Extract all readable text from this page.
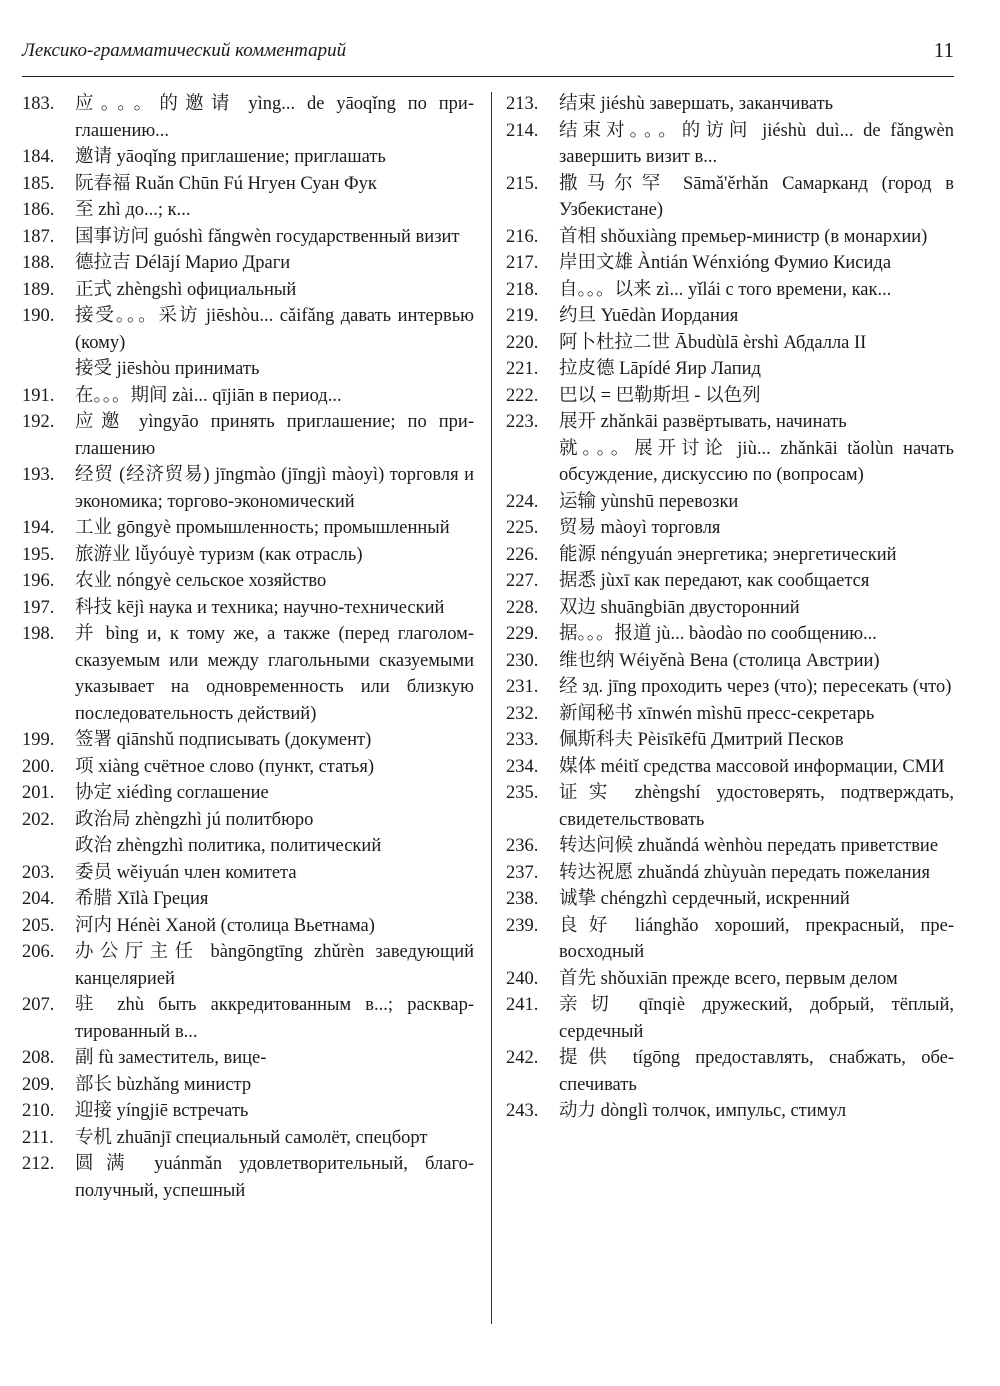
Лексико-грамматический комментарий	11
183. 应。。。的邀请 yìng... de yāoqǐng по приглашению...
184. 邀请 yāoqǐng приглашение; приглашать
185. 阮春福 Ruǎn Chūn Fú Нгуен Суан Фук
186. 至 zhì до...; к...
187. 国事访问 guóshì fǎngwèn государственный визит
188. 德拉吉 Délājí Марио Драги
189. 正式 zhèngshì официальный
190. 接受。。。采访 jiēshòu... cǎifǎng давать интервью (кому)
接受 jiēshòu принимать
191. 在。。。期间 zài... qījiān в период...
192. 应邀 yìngyāo принять приглашение; по приглашению
193. 经贸 (经济贸易) jīngmào (jīngjì màoyì) торговля и экономика; торгово-экономический
194. 工业 gōngyè промышленность; промышленный
195. 旅游业 lǚyóuyè туризм (как отрасль)
196. 农业 nóngyè сельское хозяйство
197. 科技 kējì наука и техника; научно-технический
198. 并 bìng и, к тому же, а также (перед глаголом-сказуемым или между глагольными сказуемыми указывает на одновременность или близкую последовательность действий)
199. 签署 qiānshǔ подписывать (документ)
200. 项 xiàng счётное слово (пункт, статья)
201. 协定 xiédìng соглашение
202. 政治局 zhèngzhì jú политбюро
政治 zhèngzhì политика, политический
203. 委员 wěiyuán член комитета
204. 希腊 Xīlà Греция
205. 河内 Hénèi Ханой (столица Вьетнама)
206. 办公厅主任 bàngōngtīng zhǔrèn заведующий канцелярией
207. 驻 zhù быть аккредитованным в...; расквартированный в...
208. 副 fù заместитель, вице-
209. 部长 bùzhǎng министр
210. 迎接 yíngjiē встречать
211. 专机 zhuānjī специальный самолёт, спецборт
212. 圆满 yuánmǎn удовлетворительный, благополучный, успешный
213. 结束 jiéshù завершать, заканчивать
214. 结束对。。。的访问 jiéshù duì... de fǎngwèn завершить визит в...
215. 撒马尔罕 Sāmǎ'ěrhǎn Самарканд (город в Узбекистане)
216. 首相 shǒuxiàng премьер-министр (в монархии)
217. 岸田文雄 Àntián Wénxióng Фумио Кисида
218. 自。。。以来 zì... yǐlái с того времени, как...
219. 约旦 Yuēdàn Иордания
220. 阿卜杜拉二世 Ābudùlā èrshì Абдалла II
221. 拉皮德 Lāpídé Яир Лапид
222. 巴以 = 巴勒斯坦 - 以色列
223. 展开 zhǎnkāi развёртывать, начинать
就。。。展开讨论 jiù... zhǎnkāi tǎolùn начать обсуждение, дискуссию по (вопросам)
224. 运输 yùnshū перевозки
225. 贸易 màoyì торговля
226. 能源 néngyuán энергетика; энергетический
227. 据悉 jùxī как передают, как сообщается
228. 双边 shuāngbiān двусторонний
229. 据。。。报道 jù... bàodào по сообщению...
230. 维也纳 Wéiyěnà Вена (столица Австрии)
231. 经 зд. jīng проходить через (что); пересекать (что)
232. 新闻秘书 xīnwén mìshū пресс-секретарь
233. 佩斯科夫 Pèisīkēfū Дмитрий Песков
234. 媒体 méitǐ средства массовой информации, СМИ
235. 证实 zhèngshí удостоверять, подтверждать, свидетельствовать
236. 转达问候 zhuǎndá wènhòu передать приветствие
237. 转达祝愿 zhuǎndá zhùyuàn передать пожелания
238. 诚挚 chéngzhì сердечный, искренний
239. 良好 liánghǎo хороший, прекрасный, превосходный
240. 首先 shǒuxiān прежде всего, первым делом
241. 亲切 qīnqiè дружеский, добрый, тёплый, сердечный
242. 提供 tígōng предоставлять, снабжать, обеспечивать
243. 动力 dònglì толчок, импульс, стимул
